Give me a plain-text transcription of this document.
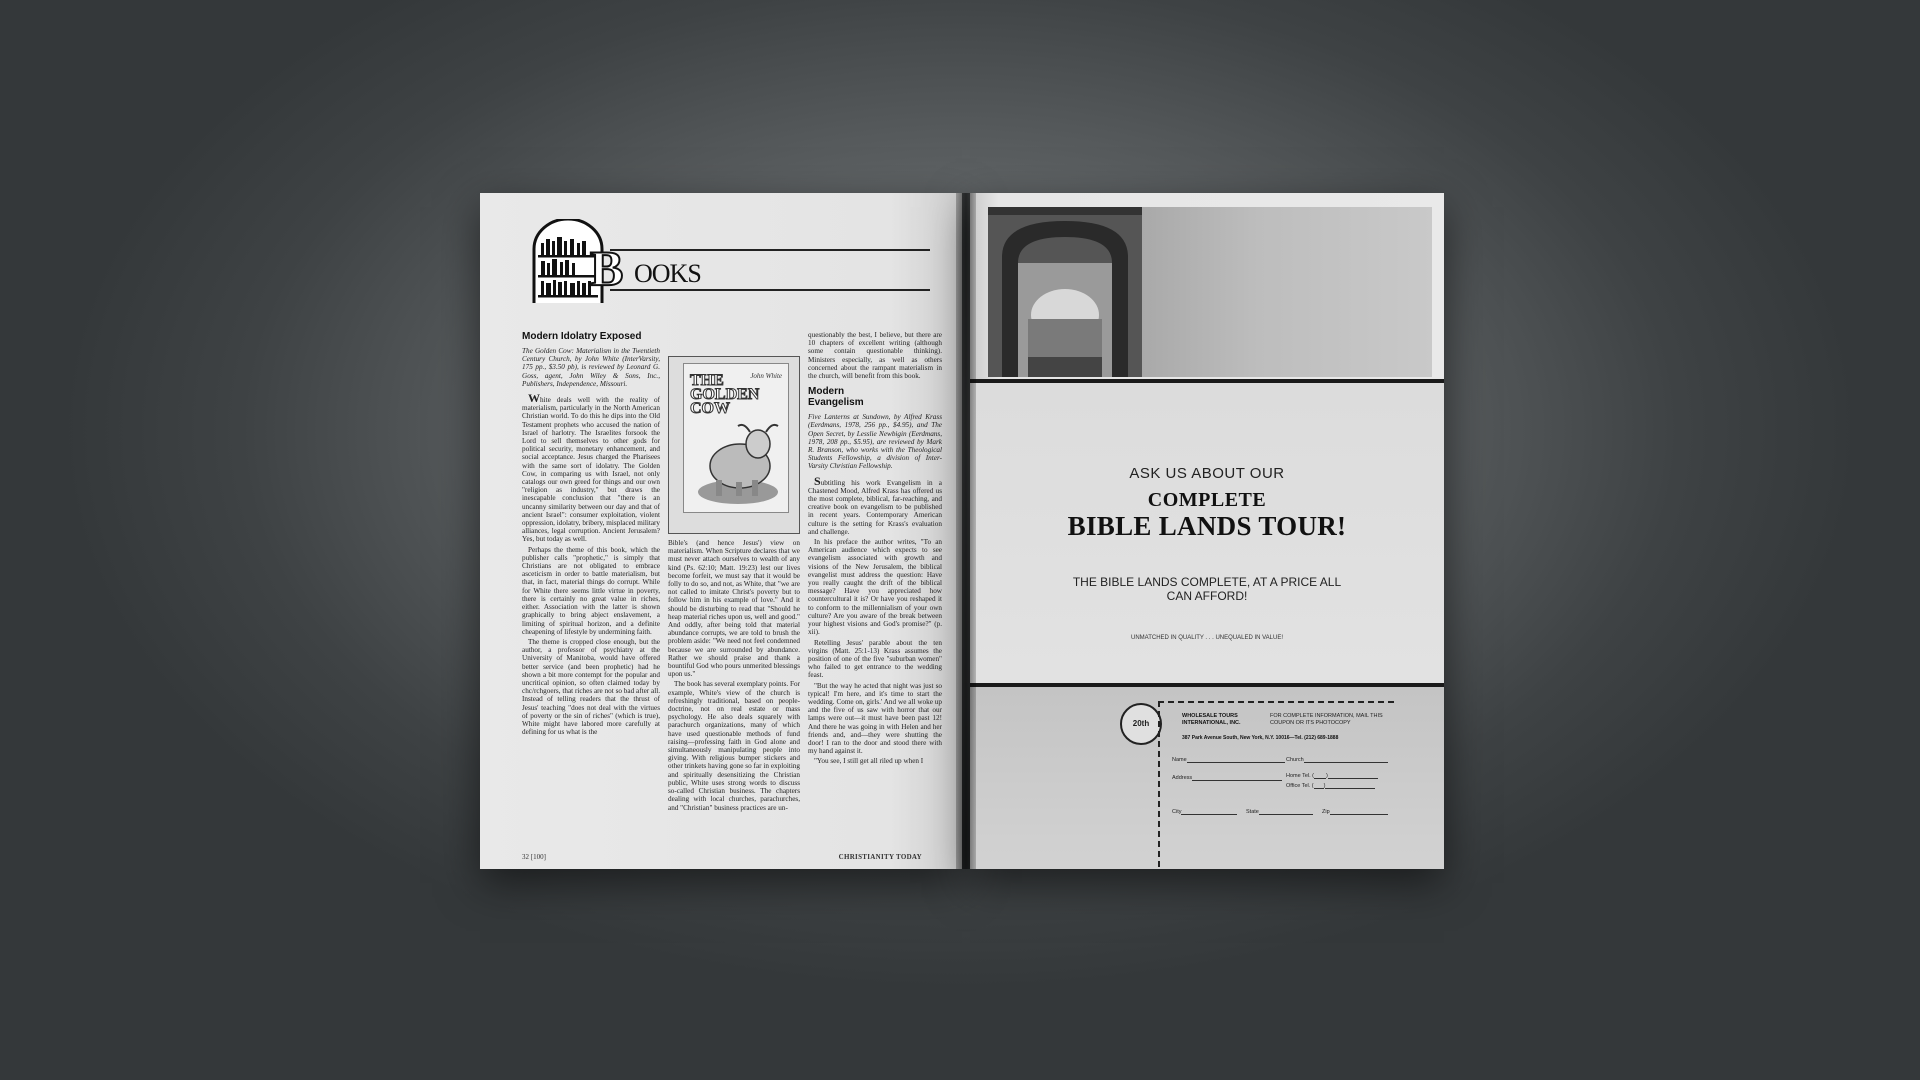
B OOKS
Modern Idolatry Exposed

The Golden Cow: Materialism in the Twentieth Century Church, by John White (InterVarsity, 175 pp., $3.50 pb), is reviewed by Leonard G. Goss, agent, John Wiley & Sons, Inc., Publishers, Independence, Missouri.

White deals well with the reality of materialism, particularly in the North American Christian world. To do this he dips into the Old Testament prophets who accused the nation of Israel of harlotry. The Israelites forsook the Lord to sell themselves to other gods for political security, monetary enhancement, and social acceptance. Jesus charged the Pharisees with the same sort of idolatry. The Golden Cow, in comparing us with Israel, not only catalogs our own greed for things and our own "religion as industry," but draws the inescapable conclusion that "there is an uncanny similarity between our day and that of ancient Israel": consumer exploitation, violent oppression, idolatry, bribery, misplaced military alliances, legal corruption. Ancient Jerusalem? Yes, but today as well.

Perhaps the theme of this book, which the publisher calls "prophetic," is simply that Christians are not obligated to embrace asceticism in order to battle materialism, but that, in fact, material things do corrupt. While for White there seems little virtue in poverty, there is certainly no great value in riches, either. Association with the latter is shown graphically to bring abject enslavement, a limiting of spiritual horizon, and a definite cheapening of lifestyle by undermining faith.

The theme is cropped close enough, but the author, a professor of psychiatry at the University of Manitoba, would have offered better service (and been prophetic) had he shown a bit more contempt for the popular and uncritical opinion, so often claimed today by chc/rchgoers, that riches are not so bad after all. Instead of telling readers that the thrust of Jesus' teaching "does not deal with the virtues of poverty or the sin of riches" (which is true), White might have labored more carefully at defining for us what is the

John White
THE GOLDEN COW

Bible's (and hence Jesus') view on materialism. When Scripture declares that we must never attach ourselves to wealth of any kind (Ps. 62:10; Matt. 19:23) lest our lives become forfeit, we must say that it would be folly to do so, and not, as White, that "we are not called to imitate Christ's poverty but to follow him in his example of love." And it should be disturbing to read that "Should he heap material riches upon us, well and good." And oddly, after being told that material abundance corrupts, we are told to brush the problem aside: "We need not feel condemned because we are surrounded by abundance. Rather we should praise and thank a bountiful God who pours unmerited blessings upon us."

The book has several exemplary points. For example, White's view of the church is refreshingly traditional, based on people-doctrine, not on real estate or mass psychology. He also deals squarely with parachurch organizations, many of which have used questionable methods of fund raising—professing faith in God alone and simultaneously manipulating people into giving. With religious bumper stickers and other trinkets having gone so far in exploiting and spiritually desensitizing the Christian public, White uses strong words to discuss so-called Christian business. The chapters dealing with local churches, parachurches, and "Christian" business practices are un-

questionably the best, I believe, but there are 10 chapters of excellent writing (although some contain questionable thinking). Ministers especially, as well as others concerned about the rampant materialism in the church, will benefit from this book.

Modern Evangelism

Five Lanterns at Sundown, by Alfred Krass (Eerdmans, 1978, 256 pp., $4.95), and The Open Secret, by Lesslie Newbigin (Eerdmans, 1978, 208 pp., $5.95), are reviewed by Mark R. Branson, who works with the Theological Students Fellowship, a division of Inter-Varsity Christian Fellowship.

Subtitling his work Evangelism in a Chastened Mood, Alfred Krass has offered us the most complete, biblical, far-reaching, and creative book on evangelism to be published in recent years. Contemporary American culture is the setting for Krass's evaluation and challenge.

In his preface the author writes, "To an American audience which expects to see evangelism associated with growth and visions of the New Jerusalem, the biblical evangelist must address the question: Have you really caught the drift of the biblical message? Have you appreciated how countercultural it is? Or have you reshaped it to conform to the millennialism of your own culture? Are you aware of the break between your highest visions and God's promise?" (p. xii).

Retelling Jesus' parable about the ten virgins (Matt. 25:1-13) Krass assumes the position of one of the five "suburban women" who failed to get entrance to the wedding feast.

"But the way he acted that night was just so typical! I'm here, and it's time to start the wedding. Come on, girls.' And we all woke up and the five of us saw with horror that our lamps were out—it must have been past 12! And there he was going in with Helen and her friends and, and—they were shutting the door! I ran to the door and stood there with my hand against it.

"You see, I still get all riled up when I

32 [100]	CHRISTIANITY TODAY
ASK US ABOUT OUR
COMPLETE
BIBLE LANDS TOUR!
THE BIBLE LANDS COMPLETE, AT A PRICE ALL CAN AFFORD!
UNMATCHED IN QUALITY . . . UNEQUALED IN VALUE!
20th
WHOLESALE TOURS INTERNATIONAL, INC.
FOR COMPLETE INFORMATION, MAIL THIS COUPON OR ITS PHOTOCOPY
387 Park Avenue South, New York, N.Y. 10016—Tel. (212) 689-1888
Name	Church
Address	Home Tel. ( )
Office Tel. ( )
City	State	Zip
